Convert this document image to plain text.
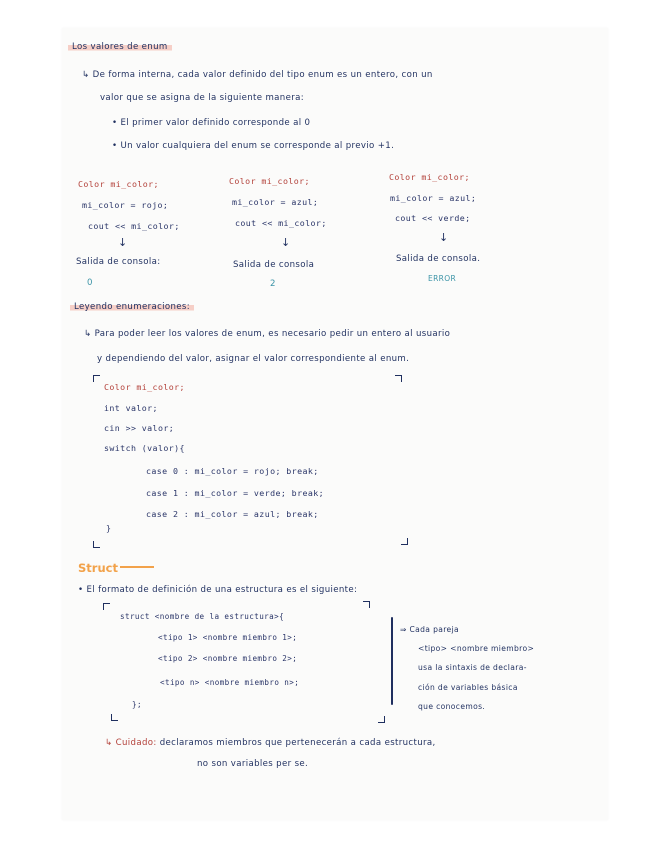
Los valores de enum
↳ De forma interna, cada valor definido del tipo enum es un entero, con un
valor que se asigna de la siguiente manera:
• El primer valor definido corresponde al 0
• Un valor cualquiera del enum se corresponde al previo +1.
Color mi_color;
mi_color = rojo;
cout << mi_color;
↓
Salida de consola:
0
Color mi_color;
mi_color = azul;
cout << mi_color;
↓
Salida de consola
2
Color mi_color;
mi_color = azul;
cout << verde;
↓
Salida de consola.
ERROR
Leyendo enumeraciones:
↳ Para poder leer los valores de enum, es necesario pedir un entero al usuario
y dependiendo del valor, asignar el valor correspondiente al enum.
Color mi_color;
int valor;
cin >> valor;
switch (valor){
case 0 : mi_color = rojo; break;
case 1 : mi_color = verde; break;
case 2 : mi_color = azul; break;
}
Struct
• El formato de definición de una estructura es el siguiente:
struct <nombre de la estructura>{
<tipo 1> <nombre miembro 1>;
<tipo 2> <nombre miembro 2>;
<tipo n> <nombre miembro n>;
};
⇒ Cada pareja
<tipo> <nombre miembro>
usa la sintaxis de declara-
ción de variables básica
que conocemos.
↳ Cuidado: declaramos miembros que pertenecerán a cada estructura,
no son variables per se.
